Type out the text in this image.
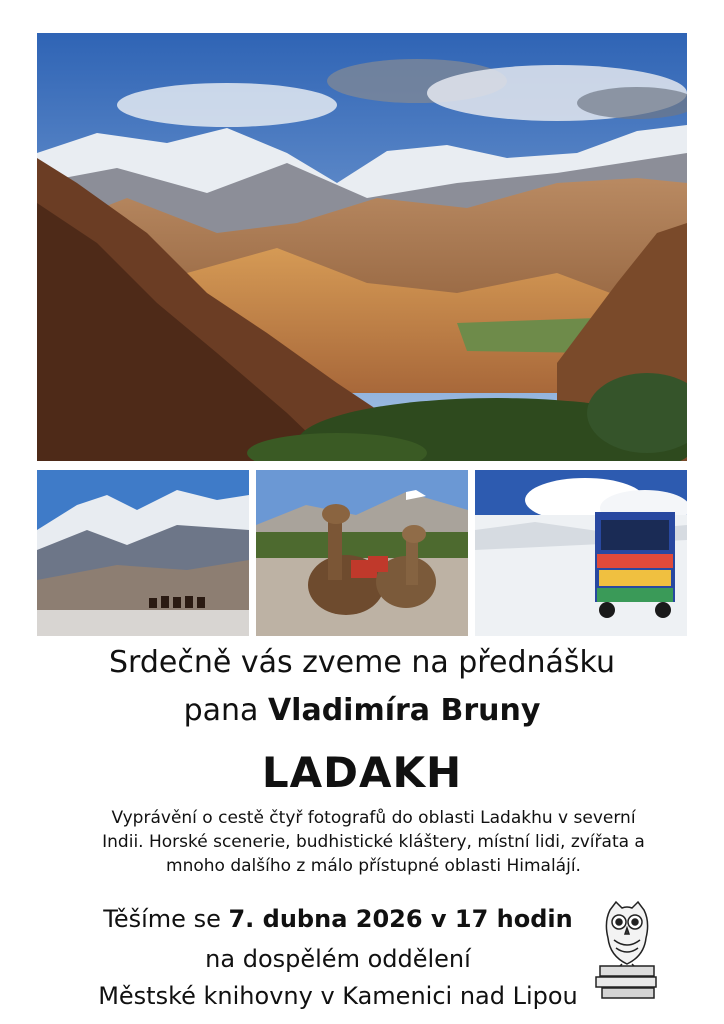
Srdečně vás zveme na přednášku
pana Vladimíra Bruny
LADAKH
Vyprávění o cestě čtyř fotografů do oblasti Ladakhu v severní
Indii. Horské scenerie, budhistické kláštery, místní lidi, zvířata a
mnoho dalšího z málo přístupné oblasti Himalájí.
Těšíme se 7. dubna 2026 v 17 hodin
na dospělém oddělení
Městské knihovny v Kamenici nad Lipou
